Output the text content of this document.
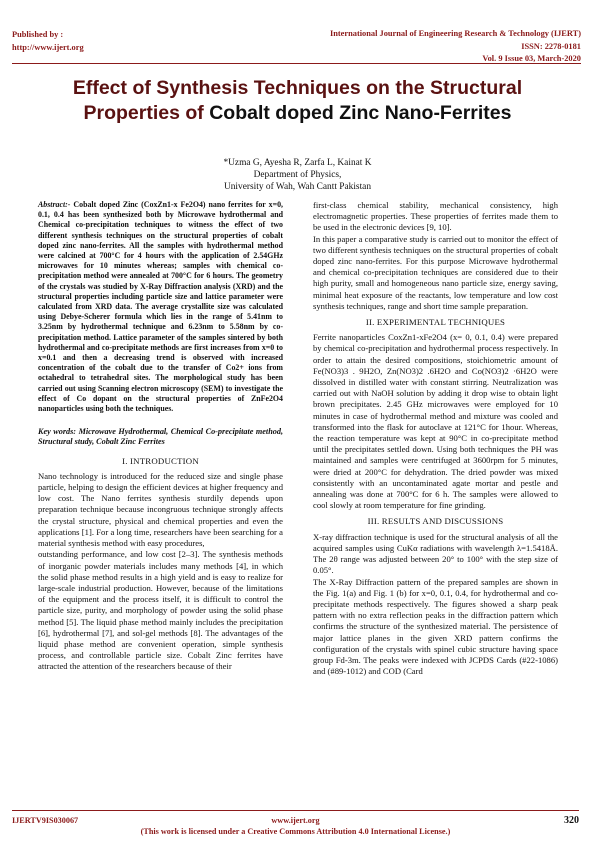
Published by :
http://www.ijert.org
International Journal of Engineering Research & Technology (IJERT)
ISSN: 2278-0181
Vol. 9 Issue 03, March-2020
Effect of Synthesis Techniques on the Structural
Properties of Cobalt doped Zinc Nano-Ferrites
*Uzma G, Ayesha R, Zarfa L, Kainat K
Department of Physics,
University of Wah, Wah Cantt Pakistan

Abstract:- Cobalt doped Zinc (CoxZn1-x Fe2O4) nano ferrites for x=0, 0.1, 0.4 has been synthesized both by Microwave hydrothermal and Chemical co-precipitation techniques to witness the effect of two different synthesis techniques on the structural properties of cobalt doped zinc nano-ferrites. All the samples with hydrothermal method were calcined at 700°C for 4 hours with the application of 2.54GHz microwaves for 10 minutes whereas; samples with chemical co-precipitation method were annealed at 700°C for 6 hours. The geometry of the crystals was studied by X-Ray Diffraction analysis (XRD) and the structural properties including particle size and lattice parameter were calculated from XRD data. The average crystallite size was calculated using Debye-Scherer formula which lies in the range of 5.41nm to 3.25nm by hydrothermal technique and 6.23nm to 5.58nm by co-precipitation method. Lattice parameter of the samples sintered by both hydrothermal and co-precipitate methods are first increases from x=0 to x=0.1 and then a decreasing trend is observed with increased concentration of the cobalt due to the transfer of Co2+ ions from octahedral to tetrahedral sites. The morphological study has been carried out using Scanning electron microscopy (SEM) to investigate the effect of Co dopant on the structural properties of ZnFe2O4 nanoparticles using both the techniques.

Key words: Microwave Hydrothermal, Chemical Co-precipitate method, Structural study, Cobalt Zinc Ferrites

I. INTRODUCTION

Nano technology is introduced for the reduced size and single phase particle, helping to design the efficient devices at higher frequency and low cost. The Nano ferrites synthesis sturdily depends upon preparation technique because incongruous technique strongly affects the crystal structure, physical and chemical properties and even the applications [1]. For a long time, researchers have been searching for a material synthesis method with easy procedures,

outstanding performance, and low cost [2–3]. The synthesis methods of inorganic powder materials includes many methods [4], in which the solid phase method results in a high yield and is easy to realize for large-scale industrial production. However, because of the limitations of the equipment and the process itself, it is difficult to control the particle size, purity, and morphology of powder using the solid phase method [5]. The liquid phase method mainly includes the precipitation [6], hydrothermal [7], and sol-gel methods [8]. The advantages of the liquid phase method are convenient operation, simple synthesis process, and controllable particle size. Cobalt Zinc ferrites have attracted the attention of the researchers because of their

first-class chemical stability, mechanical consistency, high electromagnetic properties. These properties of ferrites made them to be used in the electronic devices [9, 10].

In this paper a comparative study is carried out to monitor the effect of two different synthesis techniques on the structural properties of cobalt doped zinc nano-ferrites. For this purpose Microwave hydrothermal and chemical co-precipitation techniques are considered due to their high purity, small and homogeneous nano particle size, energy saving, minimal heat exposure of the reactants, low temperature and low cost synthesis techniques, range and short time sample preparation.

II. EXPERIMENTAL TECHNIQUES

Ferrite nanoparticles CoxZn1-xFe2O4 (x= 0, 0.1, 0.4) were prepared by chemical co-precipitation and hydrothermal process respectively. In order to attain the desired compositions, stoichiometric amount of Fe(NO3)3 . 9H2O, Zn(NO3)2 .6H2O and Co(NO3)2 ·6H2O were dissolved in distilled water with constant stirring. Neutralization was carried out with NaOH solution by adding it drop wise to obtain light brown precipitates. 2.45 GHz microwaves were employed for 10 minutes in case of hydrothermal method and mixture was cooled and transformed into the flask for autoclave at 121°C for 1hour. Whereas, the reaction temperature was kept at 90°C in co-precipitate method until the precipitates settled down. Using both techniques the PH was maintained and samples were centrifuged at 3600rpm for 5 minutes, were dried at 200°C for dehydration. The dried powder was mixed consistently with an uncontaminated agate mortar and pestle and annealing was done at 700°C for 6 h. The samples were allowed to cool slowly at room temperature for fine grinding.

III. RESULTS AND DISCUSSIONS

X-ray diffraction technique is used for the structural analysis of all the acquired samples using CuKα radiations with wavelength λ=1.5418Å. The 2θ range was adjusted between 20° to 100° with the step size of 0.05°.

The X-Ray Diffraction pattern of the prepared samples are shown in the Fig. 1(a) and Fig. 1 (b) for x=0, 0.1, 0.4, for hydrothermal and co-precipitate methods respectively. The figures showed a sharp peak pattern with no extra reflection peaks in the diffraction pattern which confirms the structure of the synthesized material. The persistence of major lattice planes in the given XRD pattern confirms the configuration of the crystals with spinel cubic structure having space group Fd-3m. The peaks were indexed with JCPDS Cards (#22-1086) and (#89-1012) and COD (Card

IJERTV9IS030067	www.ijert.org
(This work is licensed under a Creative Commons Attribution 4.0 International License.)
320
